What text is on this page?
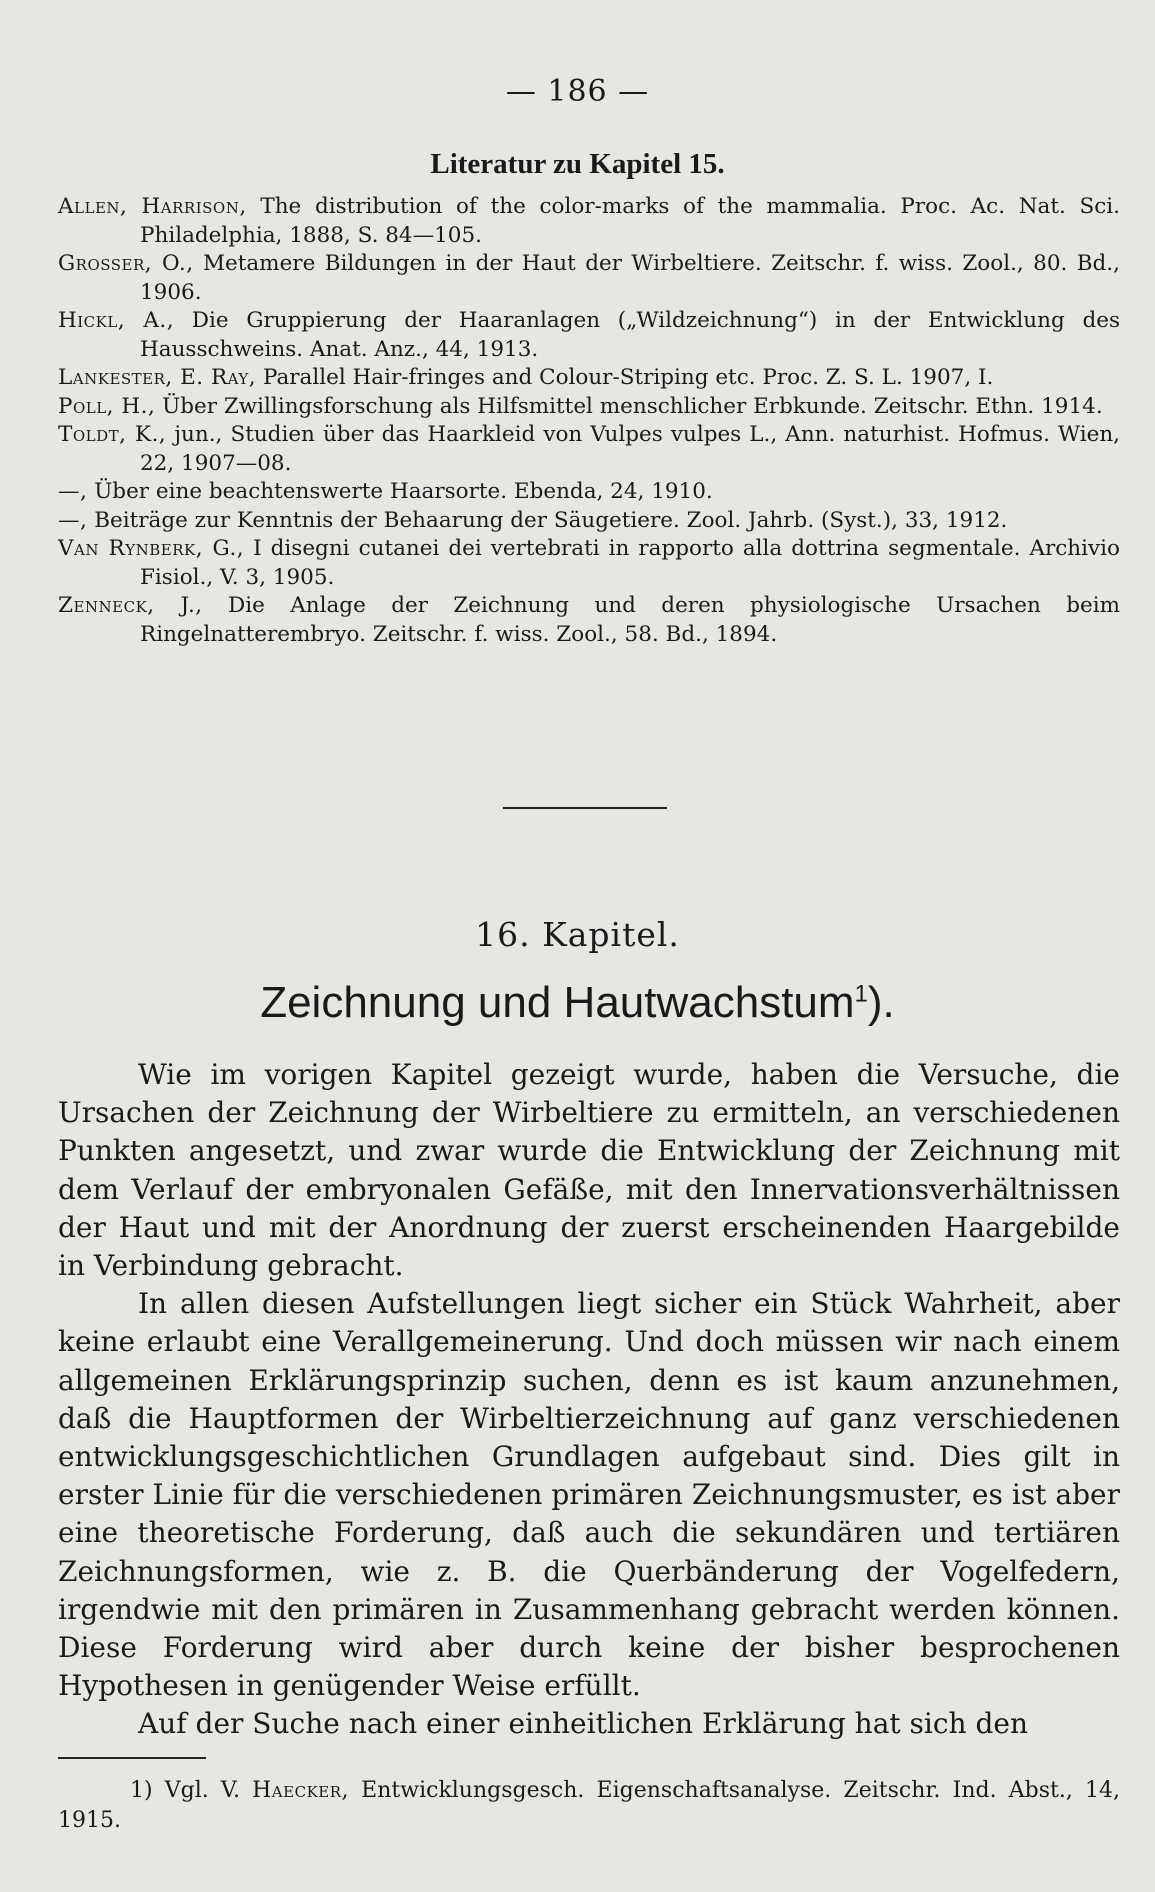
— 186 —
Literatur zu Kapitel 15.
Allen, Harrison, The distribution of the color-marks of the mammalia. Proc. Ac. Nat. Sci. Philadelphia, 1888, S. 84—105.
Grosser, O., Metamere Bildungen in der Haut der Wirbeltiere. Zeitschr. f. wiss. Zool., 80. Bd., 1906.
Hickl, A., Die Gruppierung der Haaranlagen („Wildzeichnung“) in der Entwicklung des Hausschweins. Anat. Anz., 44, 1913.
Lankester, E. Ray, Parallel Hair-fringes and Colour-Striping etc. Proc. Z. S. L. 1907, I.
Poll, H., Über Zwillingsforschung als Hilfsmittel menschlicher Erbkunde. Zeitschr. Ethn. 1914.
Toldt, K., jun., Studien über das Haarkleid von Vulpes vulpes L., Ann. naturhist. Hofmus. Wien, 22, 1907—08.
—, Über eine beachtenswerte Haarsorte. Ebenda, 24, 1910.
—, Beiträge zur Kenntnis der Behaarung der Säugetiere. Zool. Jahrb. (Syst.), 33, 1912.
Van Rynberk, G., I disegni cutanei dei vertebrati in rapporto alla dottrina segmentale. Archivio Fisiol., V. 3, 1905.
Zenneck, J., Die Anlage der Zeichnung und deren physiologische Ursachen beim Ringelnatterembryo. Zeitschr. f. wiss. Zool., 58. Bd., 1894.
16. Kapitel.
Zeichnung und Hautwachstum$^1$).

Wie im vorigen Kapitel gezeigt wurde, haben die Versuche, die Ursachen der Zeichnung der Wirbeltiere zu ermitteln, an verschiedenen Punkten angesetzt, und zwar wurde die Entwicklung der Zeichnung mit dem Verlauf der embryonalen Gefäße, mit den Innervationsverhältnissen der Haut und mit der Anordnung der zuerst erscheinenden Haargebilde in Verbindung gebracht.

In allen diesen Aufstellungen liegt sicher ein Stück Wahrheit, aber keine erlaubt eine Verallgemeinerung. Und doch müssen wir nach einem allgemeinen Erklärungsprinzip suchen, denn es ist kaum anzunehmen, daß die Hauptformen der Wirbeltierzeichnung auf ganz verschiedenen entwicklungsgeschichtlichen Grundlagen aufgebaut sind. Dies gilt in erster Linie für die verschiedenen primären Zeichnungsmuster, es ist aber eine theoretische Forderung, daß auch die sekundären und tertiären Zeichnungsformen, wie z. B. die Querbänderung der Vogelfedern, irgendwie mit den primären in Zusammenhang gebracht werden können. Diese Forderung wird aber durch keine der bisher besprochenen Hypothesen in genügender Weise erfüllt.

Auf der Suche nach einer einheitlichen Erklärung hat sich den

1) Vgl. V. Haecker, Entwicklungsgesch. Eigenschaftsanalyse. Zeitschr. Ind. Abst., 14, 1915.
